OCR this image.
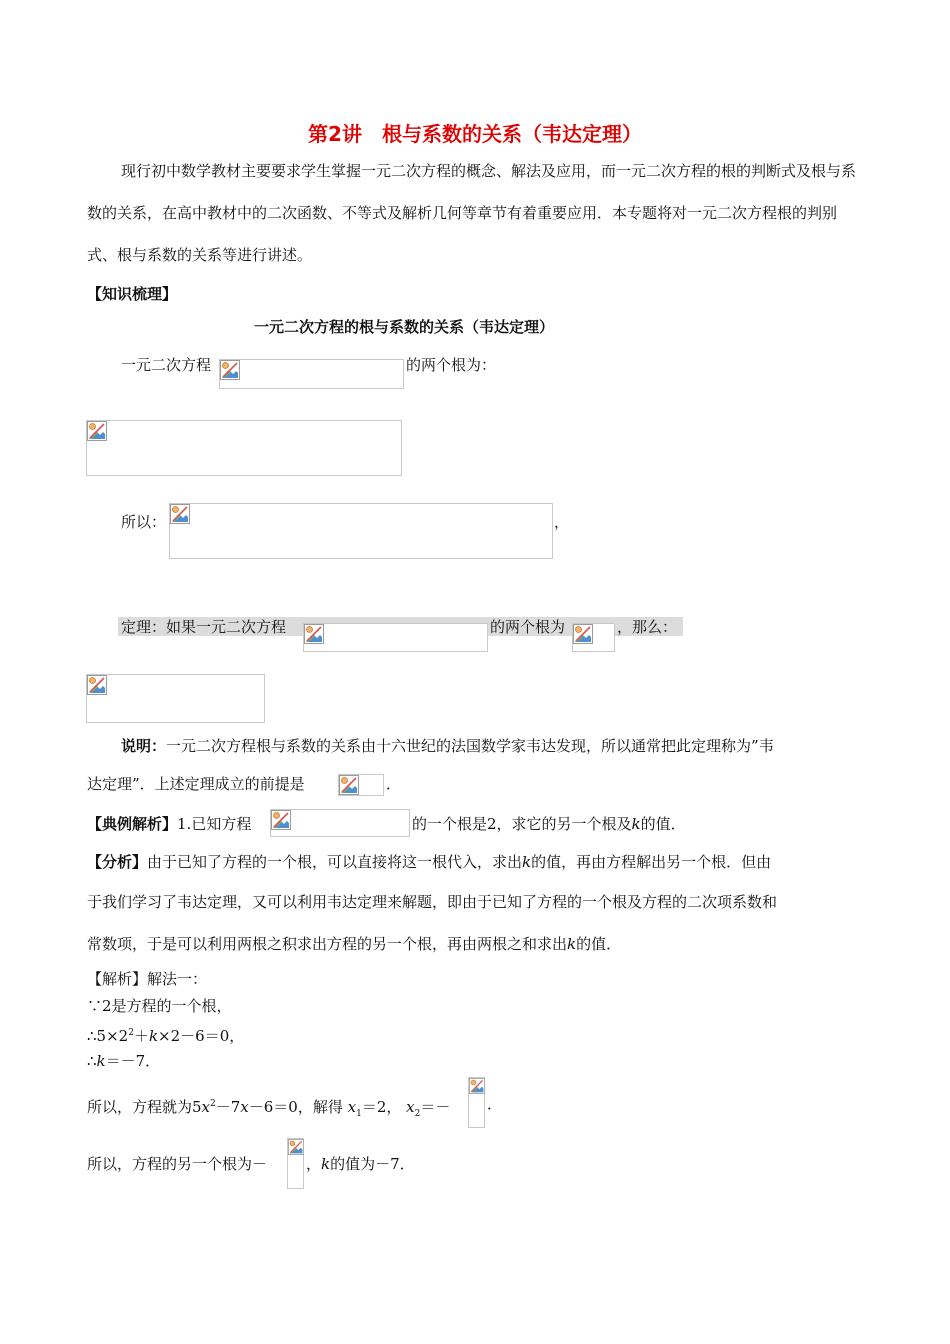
第2讲　根与系数的关系（韦达定理）
现行初中数学教材主要要求学生掌握一元二次方程的概念、解法及应用，而一元二次方程的根的判断式及根与系数的关系，在高中教材中的二次函数、不等式及解析几何等章节有着重要应用．本专题将对一元二次方程根的判别式、根与系数的关系等进行讲述。
【知识梳理】
一元二次方程的根与系数的关系（韦达定理）
一元二次方程	的两个根为：
所以：	，
定理：如果一元二次方程	的两个根为	，那么：
说明：一元二次方程根与系数的关系由十六世纪的法国数学家韦达发现，所以通常把此定理称为”韦
达定理”．上述定理成立的前提是	．
【典例解析】1.已知方程	的一个根是2，求它的另一个根及k的值．
【分析】由于已知了方程的一个根，可以直接将这一根代入，求出k的值，再由方程解出另一个根．但由
于我们学习了韦达定理，又可以利用韦达定理来解题，即由于已知了方程的一个根及方程的二次项系数和
常数项，于是可以利用两根之积求出方程的另一个根，再由两根之和求出k的值．
【解析】解法一：
∵2是方程的一个根，
$\therefore 5\times 2^2+k\times 2-6=0$，
∴k＝－7．
所以，方程就为$5x^2-7x-6=0$，解得 $x_1=2$， $x_2=-$ ．
所以，方程的另一个根为－	，k的值为－7．
